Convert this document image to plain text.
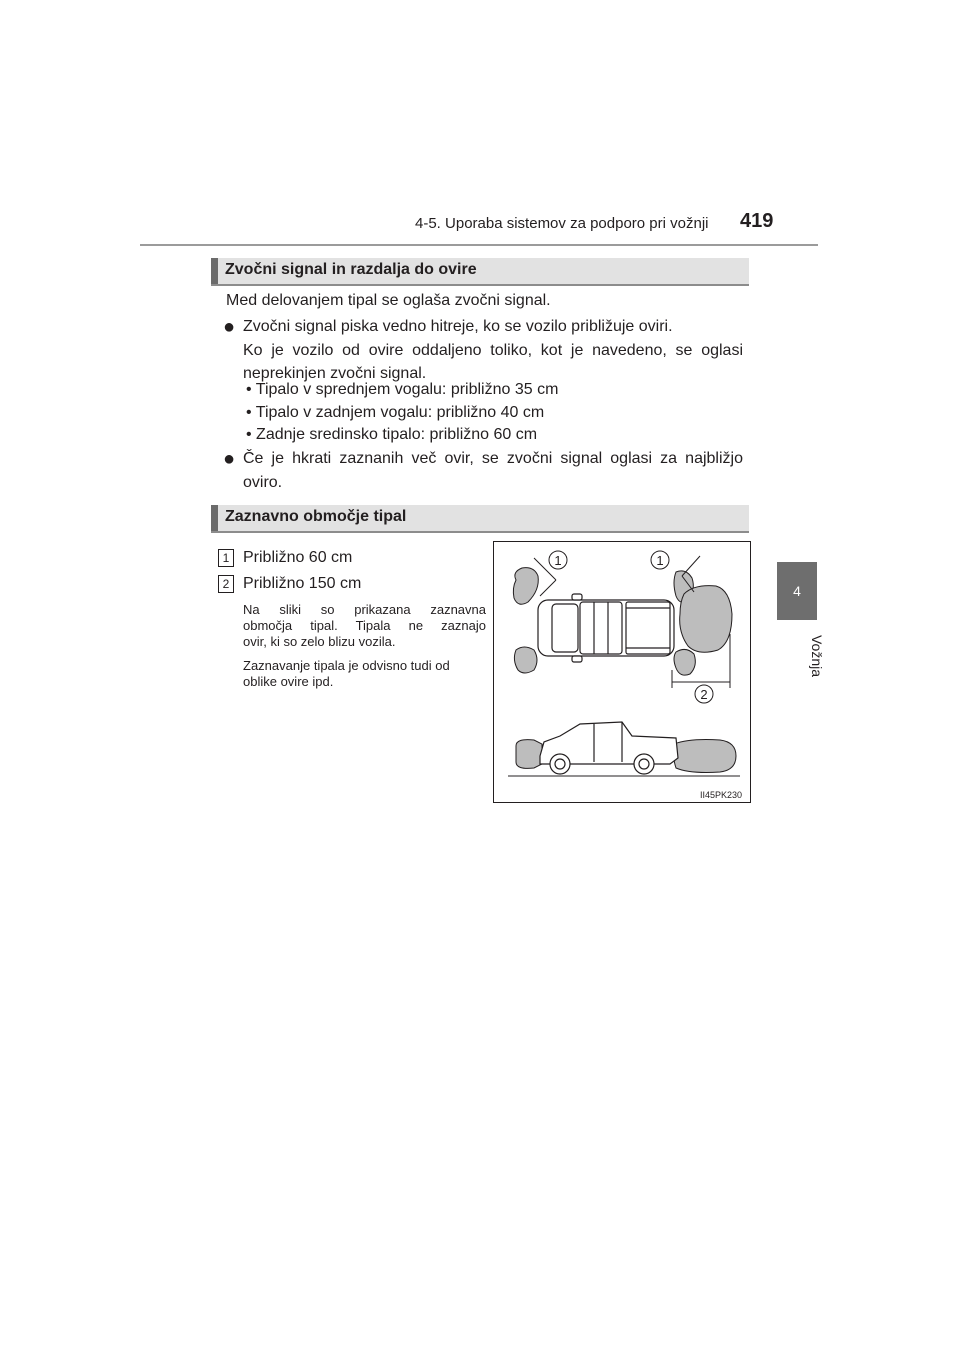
4-5. Uporaba sistemov za podporo pri vožnji 419
4
Vožnja
Zvočni signal in razdalja do ovire
Med delovanjem tipal se oglaša zvočni signal.
● Zvočni signal piska vedno hitreje, ko se vozilo približuje oviri.
Ko je vozilo od ovire oddaljeno toliko, kot je navedeno, se oglasi
neprekinjen zvočni signal.
• Tipalo v sprednjem vogalu: približno 35 cm
• Tipalo v zadnjem vogalu: približno 40 cm
• Zadnje sredinsko tipalo: približno 60 cm
● Če je hkrati zaznanih več ovir, se zvočni signal oglasi za najbližjo
oviro.
Zaznavno območje tipal
1 Približno 60 cm
2 Približno 150 cm
Na sliki so prikazana zaznavna
območja tipal. Tipala ne zaznajo
ovir, ki so zelo blizu vozila.
Zaznavanje tipala je odvisno tudi od
oblike ovire ipd.
1	1
2
II45PK230
